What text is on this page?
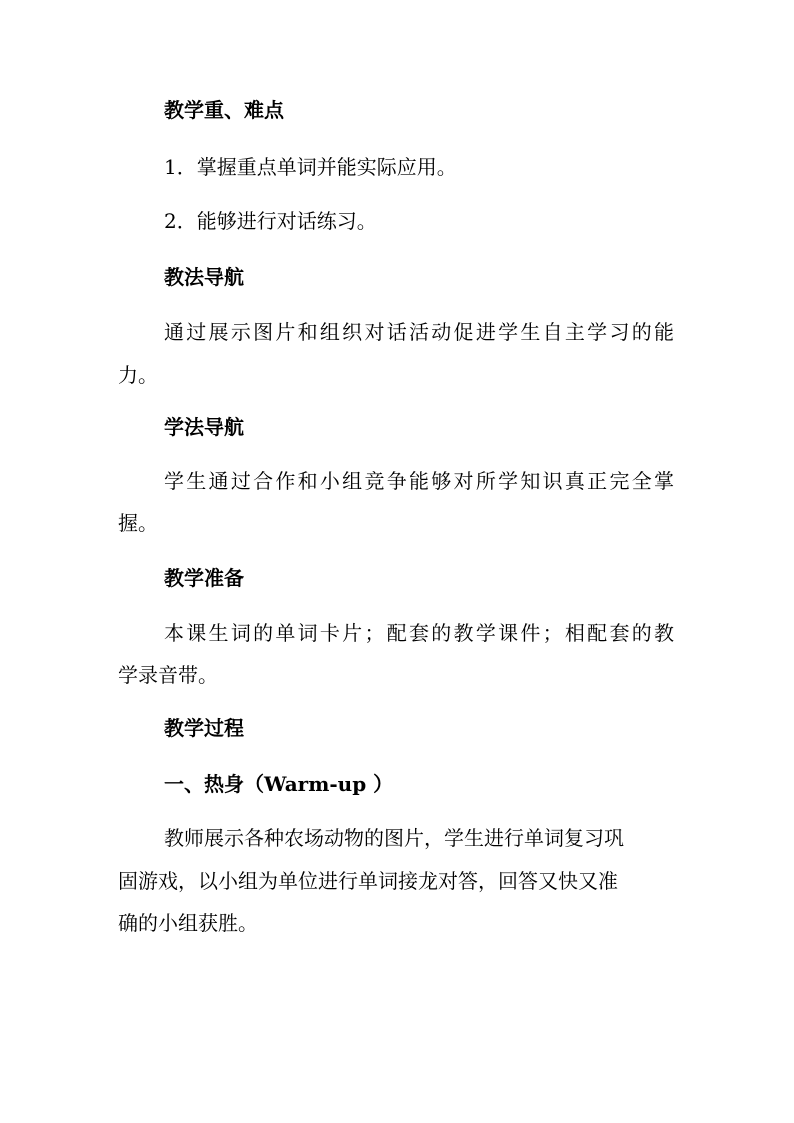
教学重、难点
1．掌握重点单词并能实际应用。
2．能够进行对话练习。
教法导航
通过展示图片和组织对话活动促进学生自主学习的能
力。
学法导航
学生通过合作和小组竞争能够对所学知识真正完全掌
握。
教学准备
本课生词的单词卡片；配套的教学课件；相配套的教
学录音带。
教学过程
一、热身（Warm-up ）
教师展示各种农场动物的图片，学生进行单词复习巩
固游戏，以小组为单位进行单词接龙对答，回答又快又准
确的小组获胜。
